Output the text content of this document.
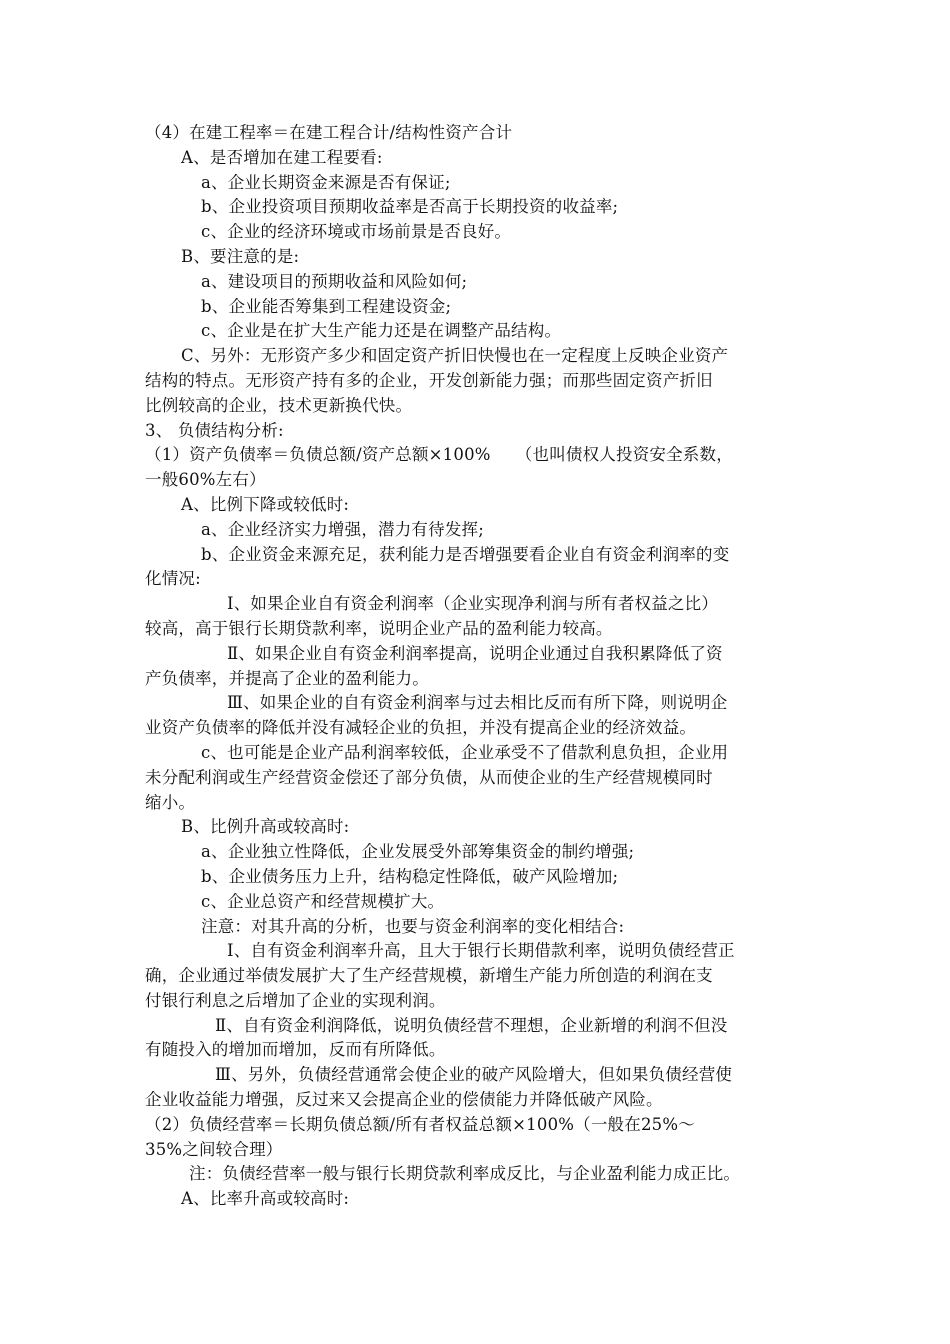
（4）在建工程率＝在建工程合计/结构性资产合计
A、是否增加在建工程要看:
a、企业长期资金来源是否有保证;
b、企业投资项目预期收益率是否高于长期投资的收益率;
c、企业的经济环境或市场前景是否良好。
B、要注意的是:
a、建设项目的预期收益和风险如何;
b、企业能否筹集到工程建设资金;
c、企业是在扩大生产能力还是在调整产品结构。
C、另外：无形资产多少和固定资产折旧快慢也在一定程度上反映企业资产
结构的特点。无形资产持有多的企业，开发创新能力强；而那些固定资产折旧
比例较高的企业，技术更新换代快。
3、 负债结构分析:
（1）资产负债率＝负债总额/资产总额×100%　　（也叫债权人投资安全系数，
一般60%左右）
A、比例下降或较低时:
a、企业经济实力增强，潜力有待发挥;
b、企业资金来源充足，获利能力是否增强要看企业自有资金利润率的变
化情况:
Ⅰ、如果企业自有资金利润率（企业实现净利润与所有者权益之比）
较高，高于银行长期贷款利率，说明企业产品的盈利能力较高。
Ⅱ、如果企业自有资金利润率提高，说明企业通过自我积累降低了资
产负债率，并提高了企业的盈利能力。
Ⅲ、如果企业的自有资金利润率与过去相比反而有所下降，则说明企
业资产负债率的降低并没有减轻企业的负担，并没有提高企业的经济效益。
c、也可能是企业产品利润率较低，企业承受不了借款利息负担，企业用
未分配利润或生产经营资金偿还了部分负债，从而使企业的生产经营规模同时
缩小。
B、比例升高或较高时:
a、企业独立性降低，企业发展受外部筹集资金的制约增强;
b、企业债务压力上升，结构稳定性降低，破产风险增加;
c、企业总资产和经营规模扩大。
注意：对其升高的分析，也要与资金利润率的变化相结合:
Ⅰ、自有资金利润率升高，且大于银行长期借款利率，说明负债经营正
确，企业通过举债发展扩大了生产经营规模，新增生产能力所创造的利润在支
付银行利息之后增加了企业的实现利润。
Ⅱ、自有资金利润降低，说明负债经营不理想，企业新增的利润不但没
有随投入的增加而增加，反而有所降低。
Ⅲ、另外，负债经营通常会使企业的破产风险增大，但如果负债经营使
企业收益能力增强，反过来又会提高企业的偿债能力并降低破产风险。
（2）负债经营率＝长期负债总额/所有者权益总额×100%（一般在25%～
35%之间较合理）
注：负债经营率一般与银行长期贷款利率成反比，与企业盈利能力成正比。
A、比率升高或较高时:
